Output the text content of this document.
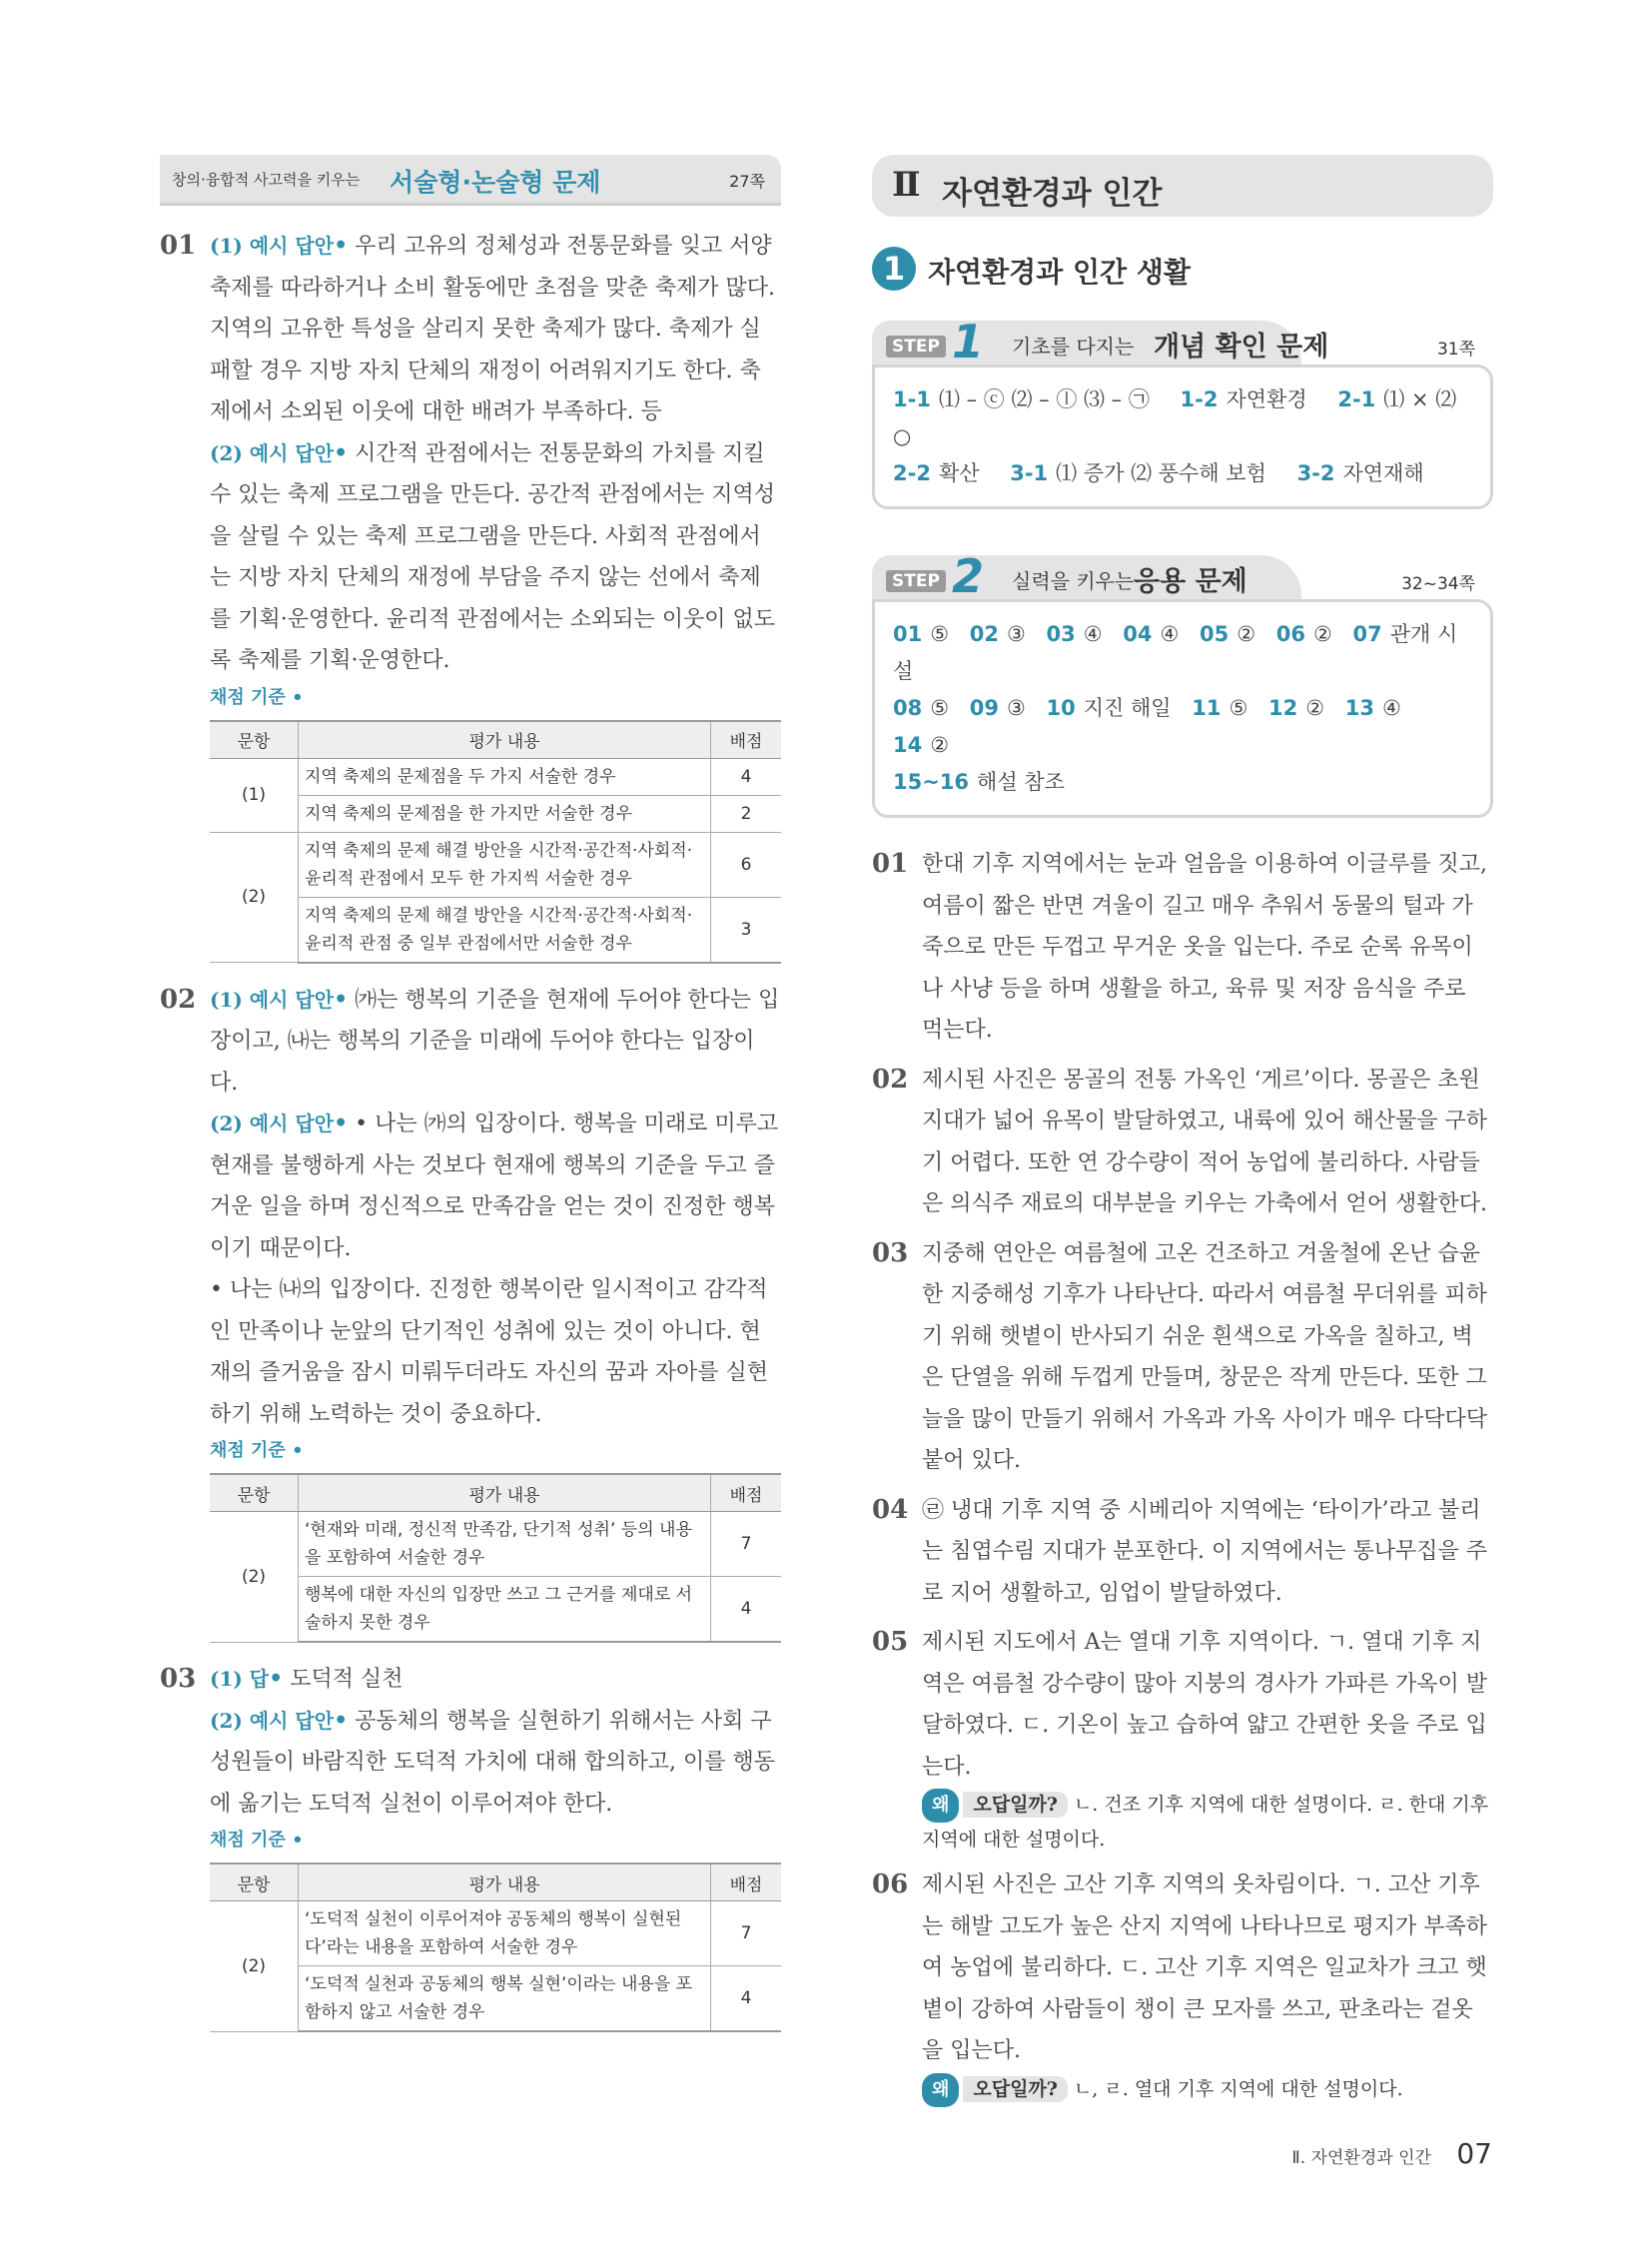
창의·융합적 사고력을 키우는 서술형·논술형 문제	27쪽
01 (1) 예시 답안• 우리 고유의 정체성과 전통문화를 잊고 서양 축제를 따라하거나 소비 활동에만 초점을 맞춘 축제가 많다. 지역의 고유한 특성을 살리지 못한 축제가 많다. 축제가 실패할 경우 지방 자치 단체의 재정이 어려워지기도 한다. 축제에서 소외된 이웃에 대한 배려가 부족하다. 등

(2) 예시 답안• 시간적 관점에서는 전통문화의 가치를 지킬 수 있는 축제 프로그램을 만든다. 공간적 관점에서는 지역성을 살릴 수 있는 축제 프로그램을 만든다. 사회적 관점에서는 지방 자치 단체의 재정에 부담을 주지 않는 선에서 축제를 기획·운영한다. 윤리적 관점에서는 소외되는 이웃이 없도록 축제를 기획·운영한다.

채점 기준 •
문항	평가 내용	배점
(1)	지역 축제의 문제점을 두 가지 서술한 경우	4
	지역 축제의 문제점을 한 가지만 서술한 경우	2
(2)	지역 축제의 문제 해결 방안을 시간적·공간적·사회적·윤리적 관점에서 모두 한 가지씩 서술한 경우	6
	지역 축제의 문제 해결 방안을 시간적·공간적·사회적·윤리적 관점 중 일부 관점에서만 서술한 경우	3
02 (1) 예시 답안• ㈎는 행복의 기준을 현재에 두어야 한다는 입장이고, ㈏는 행복의 기준을 미래에 두어야 한다는 입장이다.

(2) 예시 답안• • 나는 ㈎의 입장이다. 행복을 미래로 미루고 현재를 불행하게 사는 것보다 현재에 행복의 기준을 두고 즐거운 일을 하며 정신적으로 만족감을 얻는 것이 진정한 행복이기 때문이다.

• 나는 ㈏의 입장이다. 진정한 행복이란 일시적이고 감각적인 만족이나 눈앞의 단기적인 성취에 있는 것이 아니다. 현재의 즐거움을 잠시 미뤄두더라도 자신의 꿈과 자아를 실현하기 위해 노력하는 것이 중요하다.

채점 기준 •
문항	평가 내용	배점
(2)	‘현재와 미래, 정신적 만족감, 단기적 성취’ 등의 내용을 포함하여 서술한 경우	7
	행복에 대한 자신의 입장만 쓰고 그 근거를 제대로 서술하지 못한 경우	4
03 (1) 답• 도덕적 실천

(2) 예시 답안• 공동체의 행복을 실현하기 위해서는 사회 구성원들이 바람직한 도덕적 가치에 대해 합의하고, 이를 행동에 옮기는 도덕적 실천이 이루어져야 한다.

채점 기준 •
문항	평가 내용	배점
(2)	‘도덕적 실천이 이루어져야 공동체의 행복이 실현된다’라는 내용을 포함하여 서술한 경우	7
	‘도덕적 실천과 공동체의 행복 실현’이라는 내용을 포함하지 않고 서술한 경우	4
Ⅱ 자연환경과 인간
1 자연환경과 인간 생활
STEP 1 기초를 다지는 개념 확인 문제	31쪽
1-1 ⑴ – ⓒ ⑵ – ⓛ ⑶ – ㉠ 1-2 자연환경 2-1 ⑴ × ⑵ ○
2-2 확산 3-1 ⑴ 증가 ⑵ 풍수해 보험 3-2 자연재해
STEP 2 실력을 키우는 응용 문제	32~34쪽
01 ⑤ 02 ③ 03 ④ 04 ④ 05 ② 06 ② 07 관개 시설
08 ⑤ 09 ③ 10 지진 해일 11 ⑤ 12 ② 13 ④ 14 ②
15~16 해설 참조
01 한대 기후 지역에서는 눈과 얼음을 이용하여 이글루를 짓고, 여름이 짧은 반면 겨울이 길고 매우 추워서 동물의 털과 가죽으로 만든 두껍고 무거운 옷을 입는다. 주로 순록 유목이나 사냥 등을 하며 생활을 하고, 육류 및 저장 음식을 주로 먹는다.
02 제시된 사진은 몽골의 전통 가옥인 ‘게르’이다. 몽골은 초원 지대가 넓어 유목이 발달하였고, 내륙에 있어 해산물을 구하기 어렵다. 또한 연 강수량이 적어 농업에 불리하다. 사람들은 의식주 재료의 대부분을 키우는 가축에서 얻어 생활한다.
03 지중해 연안은 여름철에 고온 건조하고 겨울철에 온난 습윤한 지중해성 기후가 나타난다. 따라서 여름철 무더위를 피하기 위해 햇볕이 반사되기 쉬운 흰색으로 가옥을 칠하고, 벽은 단열을 위해 두껍게 만들며, 창문은 작게 만든다. 또한 그늘을 많이 만들기 위해서 가옥과 가옥 사이가 매우 다닥다닥 붙어 있다.
04 ㉣ 냉대 기후 지역 중 시베리아 지역에는 ‘타이가’라고 불리는 침엽수림 지대가 분포한다. 이 지역에서는 통나무집을 주로 지어 생활하고, 임업이 발달하였다.
05 제시된 지도에서 A는 열대 기후 지역이다. ㄱ. 열대 기후 지역은 여름철 강수량이 많아 지붕의 경사가 가파른 가옥이 발달하였다. ㄷ. 기온이 높고 습하여 얇고 간편한 옷을 주로 입는다.
왜 오답일까? ㄴ. 건조 기후 지역에 대한 설명이다. ㄹ. 한대 기후 지역에 대한 설명이다.
06 제시된 사진은 고산 기후 지역의 옷차림이다. ㄱ. 고산 기후는 해발 고도가 높은 산지 지역에 나타나므로 평지가 부족하여 농업에 불리하다. ㄷ. 고산 기후 지역은 일교차가 크고 햇볕이 강하여 사람들이 챙이 큰 모자를 쓰고, 판초라는 겉옷을 입는다.
왜 오답일까? ㄴ, ㄹ. 열대 기후 지역에 대한 설명이다.
Ⅱ. 자연환경과 인간 07
